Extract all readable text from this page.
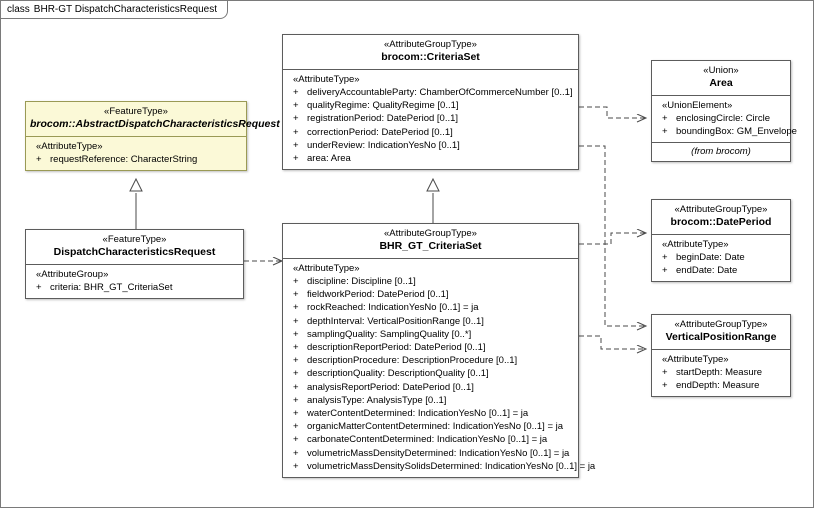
class BHR-GT DispatchCharacteristicsRequest
«FeatureType»
brocom::AbstractDispatchCharacteristicsRequest
«AttributeType»
+ requestReference: CharacterString
«FeatureType»
DispatchCharacteristicsRequest
«AttributeGroup»
+ criteria: BHR_GT_CriteriaSet
«AttributeGroupType»
brocom::CriteriaSet
«AttributeType»
+ deliveryAccountableParty: ChamberOfCommerceNumber [0..1]
+ qualityRegime: QualityRegime [0..1]
+ registrationPeriod: DatePeriod [0..1]
+ correctionPeriod: DatePeriod [0..1]
+ underReview: IndicationYesNo [0..1]
+ area: Area
«AttributeGroupType»
BHR_GT_CriteriaSet
«AttributeType»
+ discipline: Discipline [0..1]
+ fieldworkPeriod: DatePeriod [0..1]
+ rockReached: IndicationYesNo [0..1] = ja
+ depthInterval: VerticalPositionRange [0..1]
+ samplingQuality: SamplingQuality [0..*]
+ descriptionReportPeriod: DatePeriod [0..1]
+ descriptionProcedure: DescriptionProcedure [0..1]
+ descriptionQuality: DescriptionQuality [0..1]
+ analysisReportPeriod: DatePeriod [0..1]
+ analysisType: AnalysisType [0..1]
+ waterContentDetermined: IndicationYesNo [0..1] = ja
+ organicMatterContentDetermined: IndicationYesNo [0..1] = ja
+ carbonateContentDetermined: IndicationYesNo [0..1] = ja
+ volumetricMassDensityDetermined: IndicationYesNo [0..1] = ja
+ volumetricMassDensitySolidsDetermined: IndicationYesNo [0..1] = ja
«Union»
Area
«UnionElement»
+ enclosingCircle: Circle
+ boundingBox: GM_Envelope
(from brocom)
«AttributeGroupType»
brocom::DatePeriod
«AttributeType»
+ beginDate: Date
+ endDate: Date
«AttributeGroupType»
VerticalPositionRange
«AttributeType»
+ startDepth: Measure
+ endDepth: Measure
